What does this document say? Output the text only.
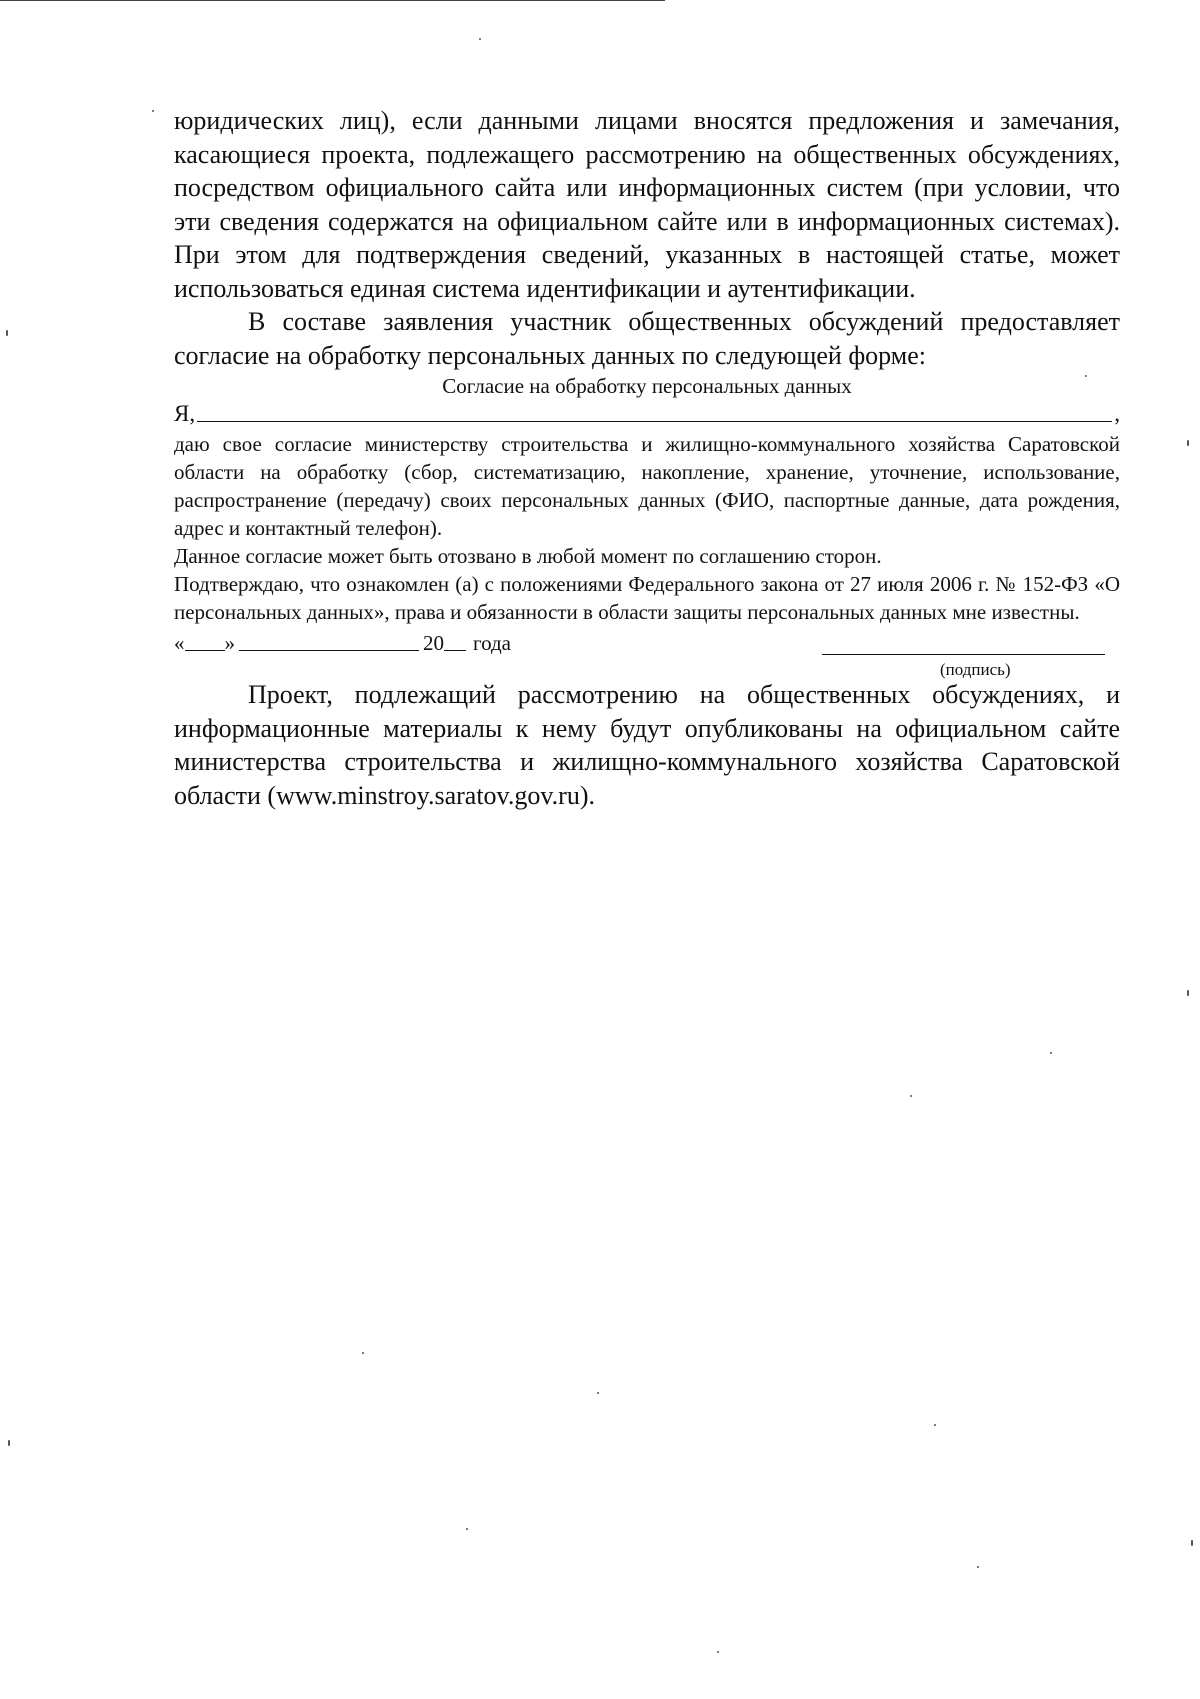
юридических лиц), если данными лицами вносятся предложения и замечания, касающиеся проекта, подлежащего рассмотрению на общественных обсуждениях, посредством официального сайта или информационных систем (при условии, что эти сведения содержатся на официальном сайте или в информационных системах). При этом для подтверждения сведений, указанных в настоящей статье, может использоваться единая система идентификации и аутентификации.

В составе заявления участник общественных обсуждений предоставляет согласие на обработку персональных данных по следующей форме:

Согласие на обработку персональных данных
Я,	,

даю свое согласие министерству строительства и жилищно-коммунального хозяйства Саратовской области на обработку (сбор, систематизацию, накопление, хранение, уточнение, использование, распространение (передачу) своих персональных данных (ФИО, паспортные данные, дата рождения, адрес и контактный телефон).

Данное согласие может быть отозвано в любой момент по соглашению сторон.

Подтверждаю, что ознакомлен (а) с положениями Федерального закона от 27 июля 2006 г. № 152-ФЗ «О персональных данных», права и обязанности в области защиты персональных данных мне известны.

« »	20 года
(подпись)

Проект, подлежащий рассмотрению на общественных обсуждениях, и информационные материалы к нему будут опубликованы на официальном сайте министерства строительства и жилищно-коммунального хозяйства Саратовской области (www.minstroy.saratov.gov.ru).
